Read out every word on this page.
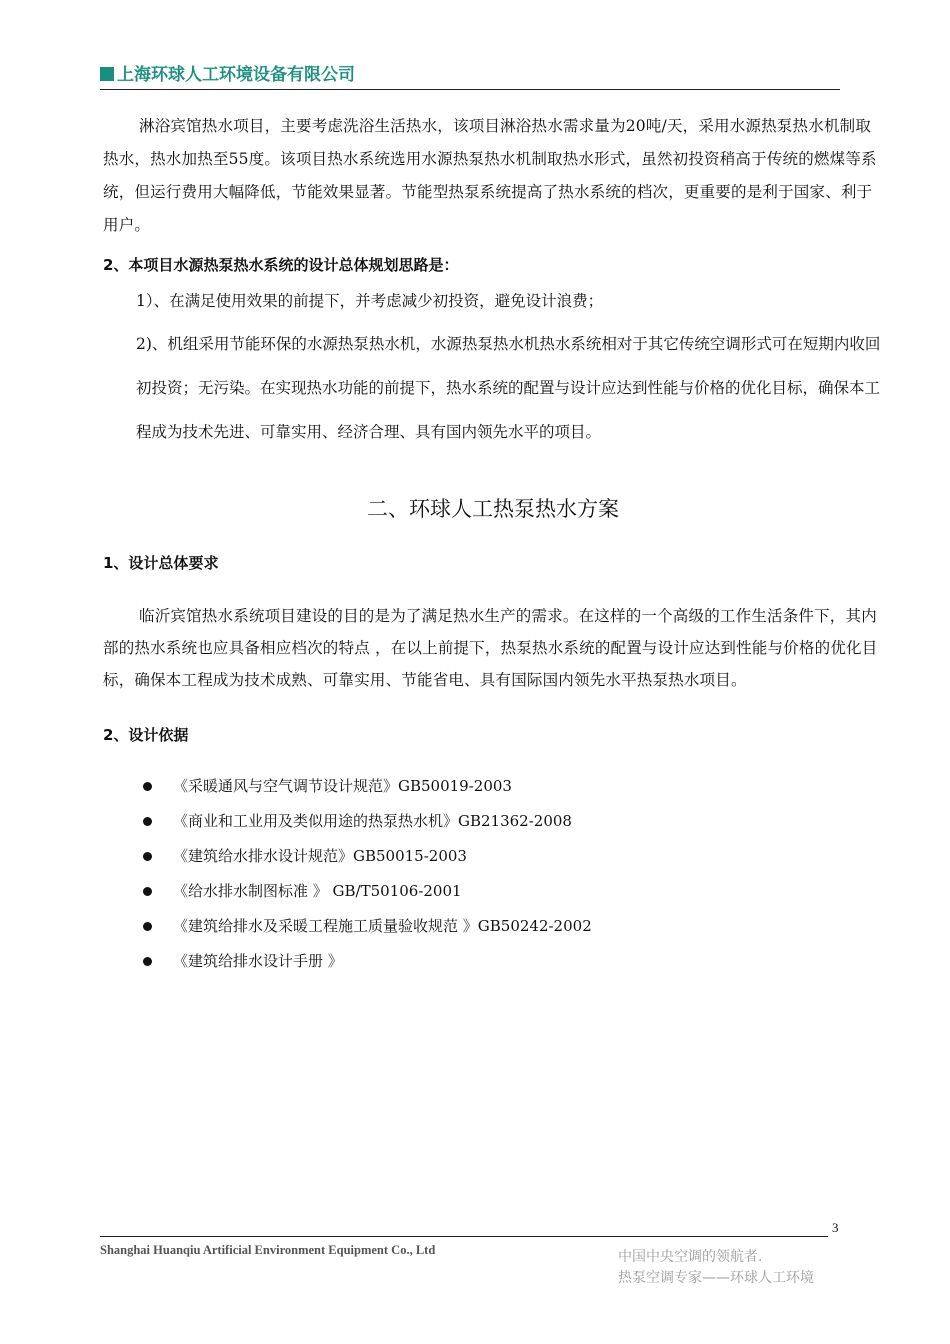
上海环球人工环境设备有限公司

淋浴宾馆热水项目，主要考虑洗浴生活热水，该项目淋浴热水需求量为20吨/天，采用水源热泵热水机制取热水，热水加热至55度。该项目热水系统选用水源热泵热水机制取热水形式，虽然初投资稍高于传统的燃煤等系统，但运行费用大幅降低，节能效果显著。节能型热泵系统提高了热水系统的档次，更重要的是利于国家、利于用户。

2、本项目水源热泵热水系统的设计总体规划思路是：

1）、在满足使用效果的前提下，并考虑减少初投资，避免设计浪费；

2)、机组采用节能环保的水源热泵热水机，水源热泵热水机热水系统相对于其它传统空调形式可在短期内收回初投资；无污染。在实现热水功能的前提下，热水系统的配置与设计应达到性能与价格的优化目标，确保本工程成为技术先进、可靠实用、经济合理、具有国内领先水平的项目。

二、环球人工热泵热水方案

1、设计总体要求

临沂宾馆热水系统项目建设的目的是为了满足热水生产的需求。在这样的一个高级的工作生活条件下，其内部的热水系统也应具备相应档次的特点 ，在以上前提下，热泵热水系统的配置与设计应达到性能与价格的优化目标，确保本工程成为技术成熟、可靠实用、节能省电、具有国际国内领先水平热泵热水项目。

2、设计依据

《采暖通风与空气调节设计规范》GB50019-2003
《商业和工业用及类似用途的热泵热水机》GB21362-2008
《建筑给水排水设计规范》GB50015-2003
《给水排水制图标准 》 GB/T50106-2001
《建筑给排水及采暖工程施工质量验收规范 》GB50242-2002
《建筑给排水设计手册 》
3
Shanghai Huanqiu Artificial Environment Equipment Co., Ltd	中国中央空调的领航者.
热泵空调专家——环球人工环境
